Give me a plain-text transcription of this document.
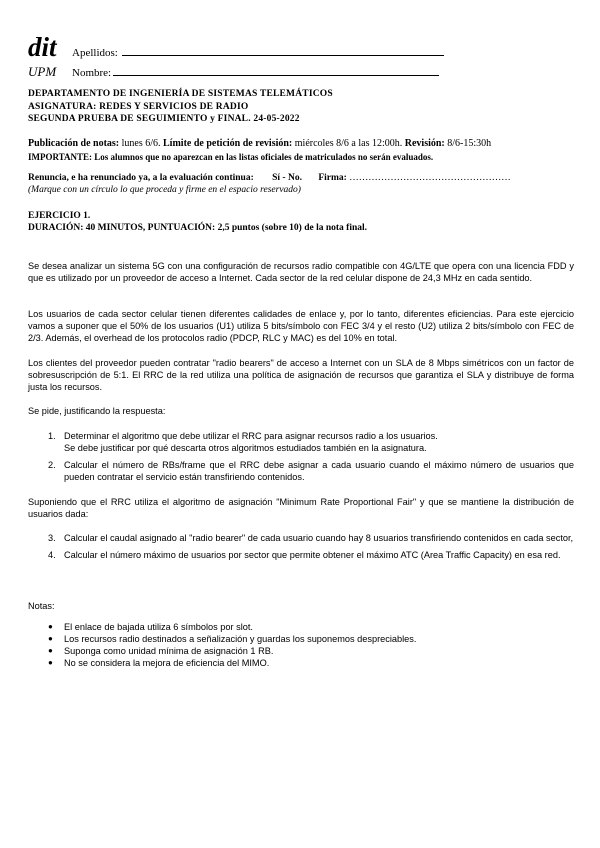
dit	Apellidos:
UPM	Nombre:
DEPARTAMENTO DE INGENIERÍA DE SISTEMAS TELEMÁTICOS
ASIGNATURA: REDES Y SERVICIOS DE RADIO
SEGUNDA PRUEBA DE SEGUIMIENTO y FINAL. 24-05-2022
Publicación de notas: lunes 6/6. Límite de petición de revisión: miércoles 8/6 a las 12:00h. Revisión: 8/6-15:30h
IMPORTANTE: Los alumnos que no aparezcan en las listas oficiales de matriculados no serán evaluados.
Renuncia, e ha renunciado ya, a la evaluación continua: Sí - No. Firma: ……………………………………………
(Marque con un círculo lo que proceda y firme en el espacio reservado)
EJERCICIO 1.
DURACIÓN: 40 MINUTOS, PUNTUACIÓN: 2,5 puntos (sobre 10) de la nota final.

Se desea analizar un sistema 5G con una configuración de recursos radio compatible con 4G/LTE que opera con una licencia FDD y que es utilizado por un proveedor de acceso a Internet. Cada sector de la red celular dispone de 24,3 MHz en cada sentido.

Los usuarios de cada sector celular tienen diferentes calidades de enlace y, por lo tanto, diferentes eficiencias. Para este ejercicio vamos a suponer que el 50% de los usuarios (U1) utiliza 5 bits/símbolo con FEC 3/4 y el resto (U2) utiliza 2 bits/símbolo con FEC de 2/3. Además, el overhead de los protocolos radio (PDCP, RLC y MAC) es del 10% en total.

Los clientes del proveedor pueden contratar "radio bearers" de acceso a Internet con un SLA de 8 Mbps simétricos con un factor de sobresuscripción de 5:1. El RRC de la red utiliza una política de asignación de recursos que garantiza el SLA y distribuye de forma justa los recursos.

Se pide, justificando la respuesta:

1. Determinar el algoritmo que debe utilizar el RRC para asignar recursos radio a los usuarios.
Se debe justificar por qué descarta otros algoritmos estudiados también en la asignatura.
2. Calcular el número de RBs/frame que el RRC debe asignar a cada usuario cuando el máximo número de usuarios que pueden contratar el servicio están transfiriendo contenidos.

Suponiendo que el RRC utiliza el algoritmo de asignación "Minimum Rate Proportional Fair" y que se mantiene la distribución de usuarios dada:

3. Calcular el caudal asignado al "radio bearer" de cada usuario cuando hay 8 usuarios transfiriendo contenidos en cada sector,
4. Calcular el número máximo de usuarios por sector que permite obtener el máximo ATC (Area Traffic Capacity) en esa red.

Notas:

● El enlace de bajada utiliza 6 símbolos por slot.
● Los recursos radio destinados a señalización y guardas los suponemos despreciables.
● Suponga como unidad mínima de asignación 1 RB.
● No se considera la mejora de eficiencia del MIMO.
